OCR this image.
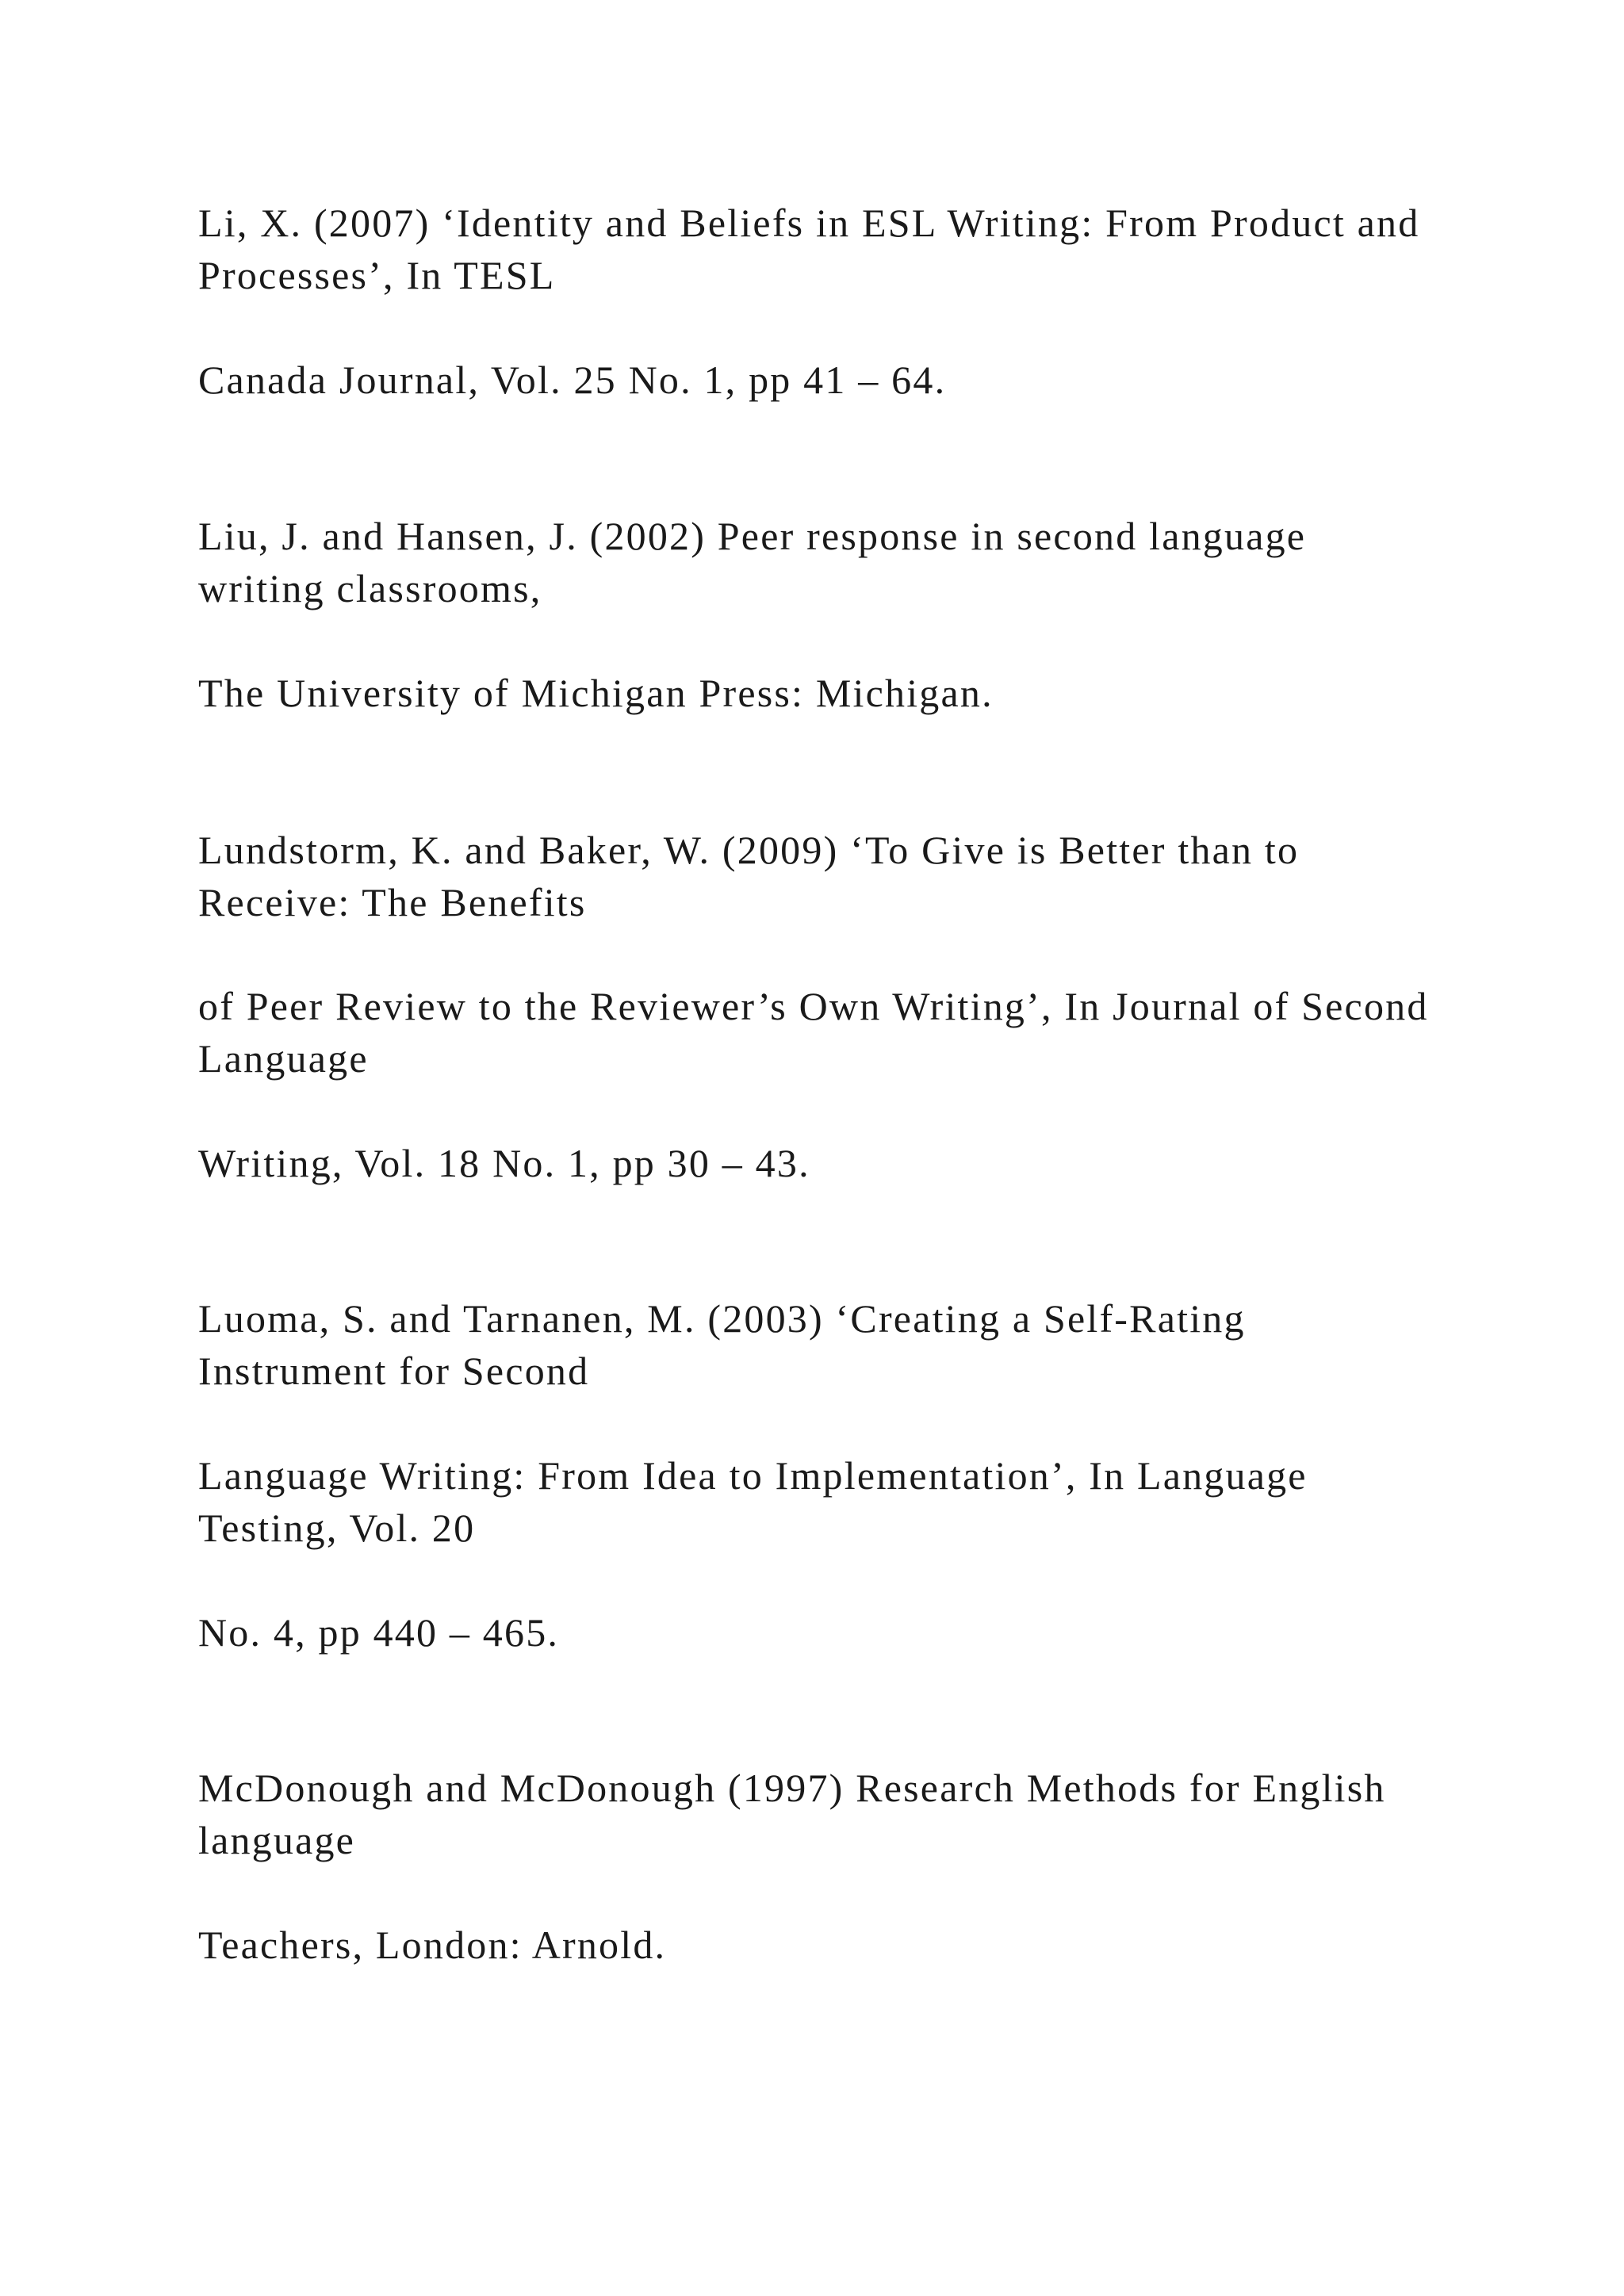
Li, X. (2007) ‘Identity and Beliefs in ESL Writing: From Product and Processes’, In TESL

Canada Journal, Vol. 25 No. 1, pp 41 – 64.

Liu, J. and Hansen, J. (2002) Peer response in second language writing classrooms,

The University of Michigan Press: Michigan.

Lundstorm, K. and Baker, W. (2009) ‘To Give is Better than to Receive: The Benefits

of Peer Review to the Reviewer’s Own Writing’, In Journal of Second Language

Writing, Vol. 18 No. 1, pp 30 – 43.

Luoma, S. and Tarnanen, M. (2003) ‘Creating a Self-Rating Instrument for Second

Language Writing: From Idea to Implementation’, In Language Testing, Vol. 20

No. 4, pp 440 – 465.

McDonough and McDonough (1997) Research Methods for English language

Teachers, London: Arnold.
